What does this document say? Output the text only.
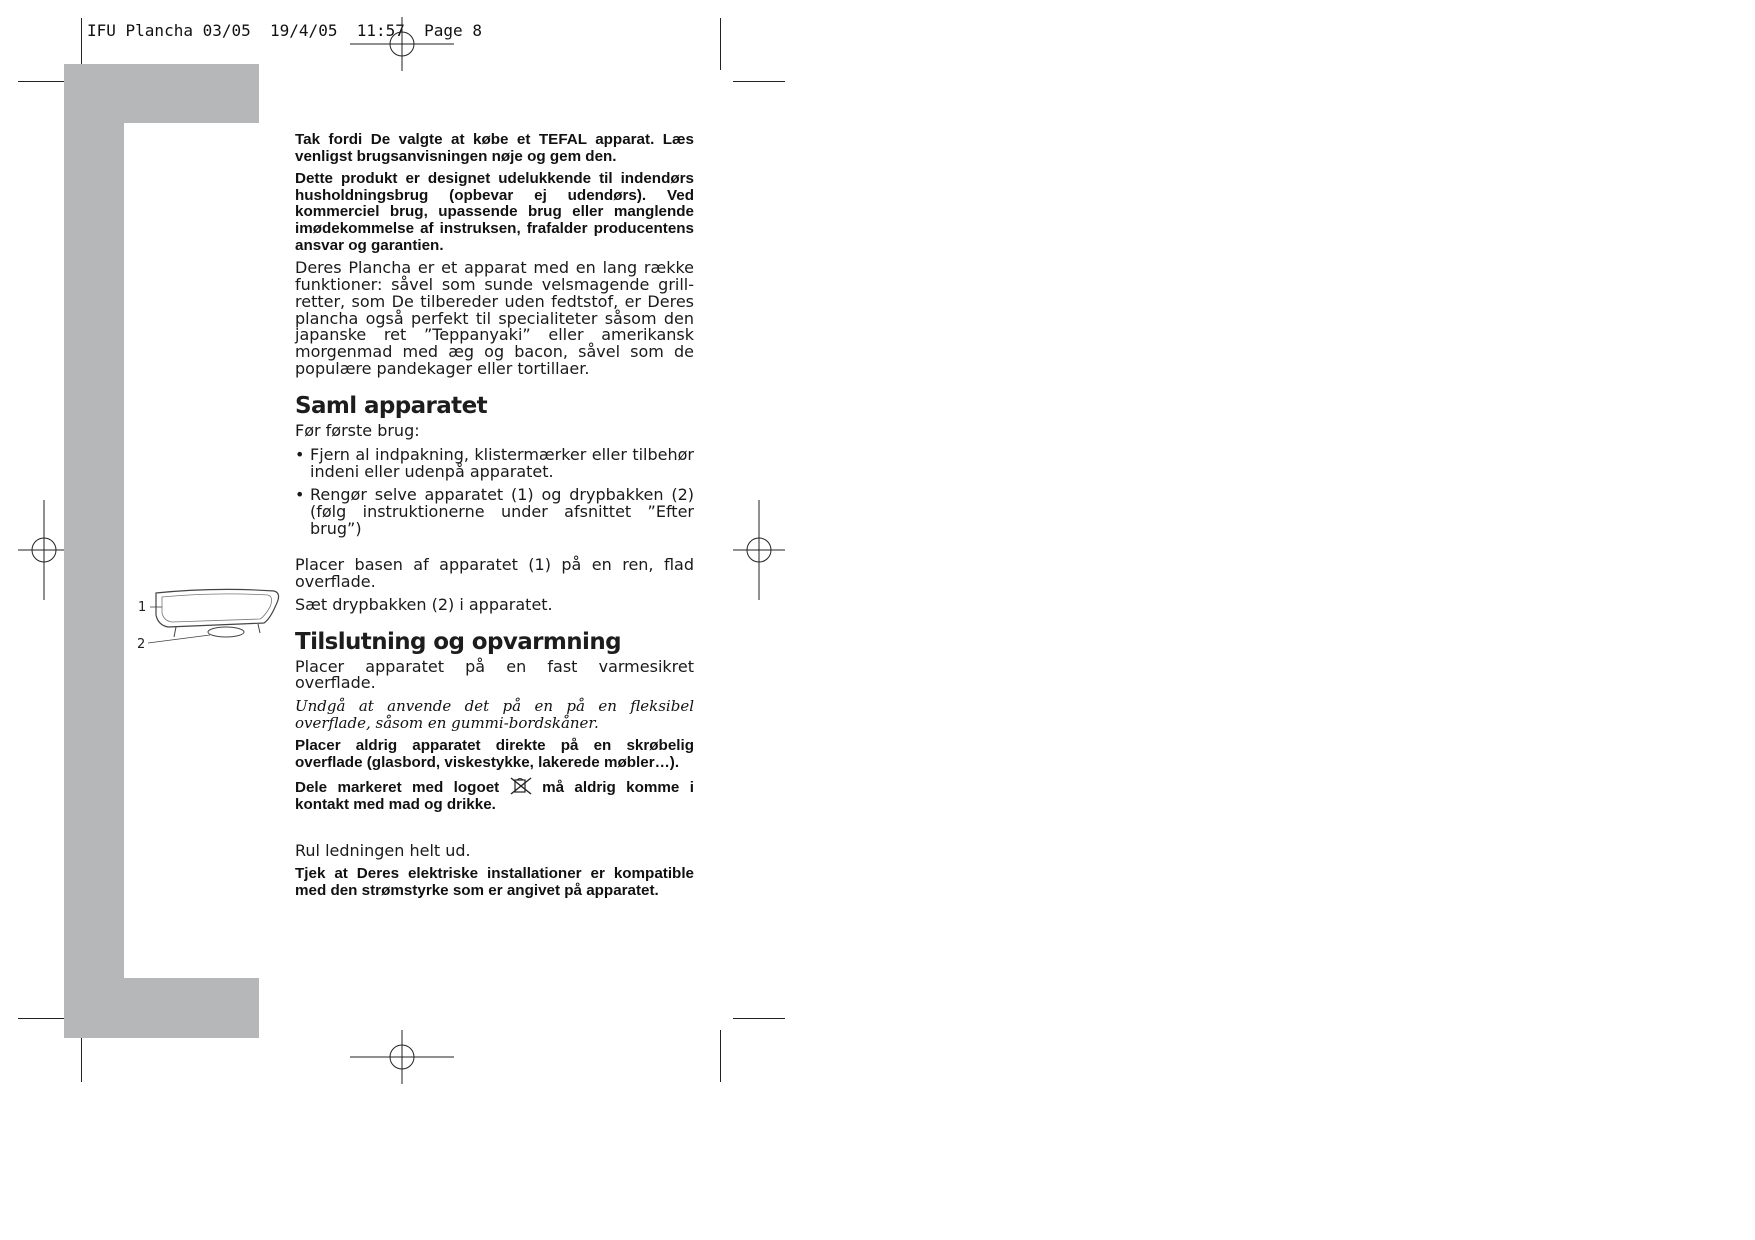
IFU Plancha 03/05  19/4/05  11:57  Page 8
1
2

Tak fordi De valgte at købe et TEFAL apparat. Læs venligst brugsanvisningen nøje og gem den.

Dette produkt er designet udelukkende til indendørs husholdningsbrug (opbevar ej udendørs). Ved kommerciel brug, upassende brug eller manglende imødekommelse af instruksen, frafalder producentens ansvar og garantien.

Deres Plancha er et apparat med en lang række funktioner: såvel som sunde velsmagende grill-retter, som De tilbereder uden fedtstof, er Deres plancha også perfekt til specialiteter såsom den japanske ret ”Teppanyaki” eller amerikansk morgenmad med æg og bacon, såvel som de populære pandekager eller tortillaer.

Saml apparatet

Før første brug:

• Fjern al indpakning, klistermærker eller tilbehør indeni eller udenpå apparatet.
• Rengør selve apparatet (1) og drypbakken (2) (følg instruktionerne under afsnittet ”Efter brug”)

Placer basen af apparatet (1) på en ren, flad overflade.

Sæt drypbakken (2) i apparatet.

Tilslutning og opvarmning

Placer apparatet på en fast varmesikret overflade.

Undgå at anvende det på en på en fleksibel overflade, såsom en gummi-bordskåner.

Placer aldrig apparatet direkte på en skrøbelig overflade (glasbord, viskestykke, lakerede møbler…).

Dele markeret med logoet	må aldrig komme i kontakt med mad og drikke.

Rul ledningen helt ud.

Tjek at Deres elektriske installationer er kompatible med den strømstyrke som er angivet på apparatet.
